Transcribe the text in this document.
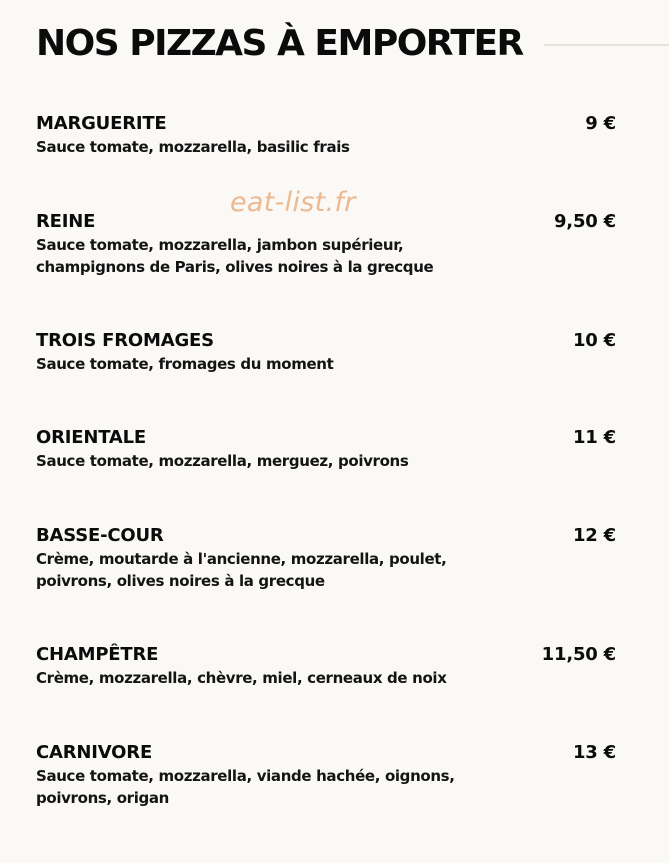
NOS PIZZAS À EMPORTER
MARGUERITE	9 €
Sauce tomate, mozzarella, basilic frais
REINE	9,50 €
Sauce tomate, mozzarella, jambon supérieur, champignons de Paris, olives noires à la grecque
TROIS FROMAGES	10 €
Sauce tomate, fromages du moment
ORIENTALE	11 €
Sauce tomate, mozzarella, merguez, poivrons
BASSE-COUR	12 €
Crème, moutarde à l'ancienne, mozzarella, poulet, poivrons, olives noires à la grecque
CHAMPÊTRE	11,50 €
Crème, mozzarella, chèvre, miel, cerneaux de noix
CARNIVORE	13 €
Sauce tomate, mozzarella, viande hachée, oignons, poivrons, origan
eat-list.fr
